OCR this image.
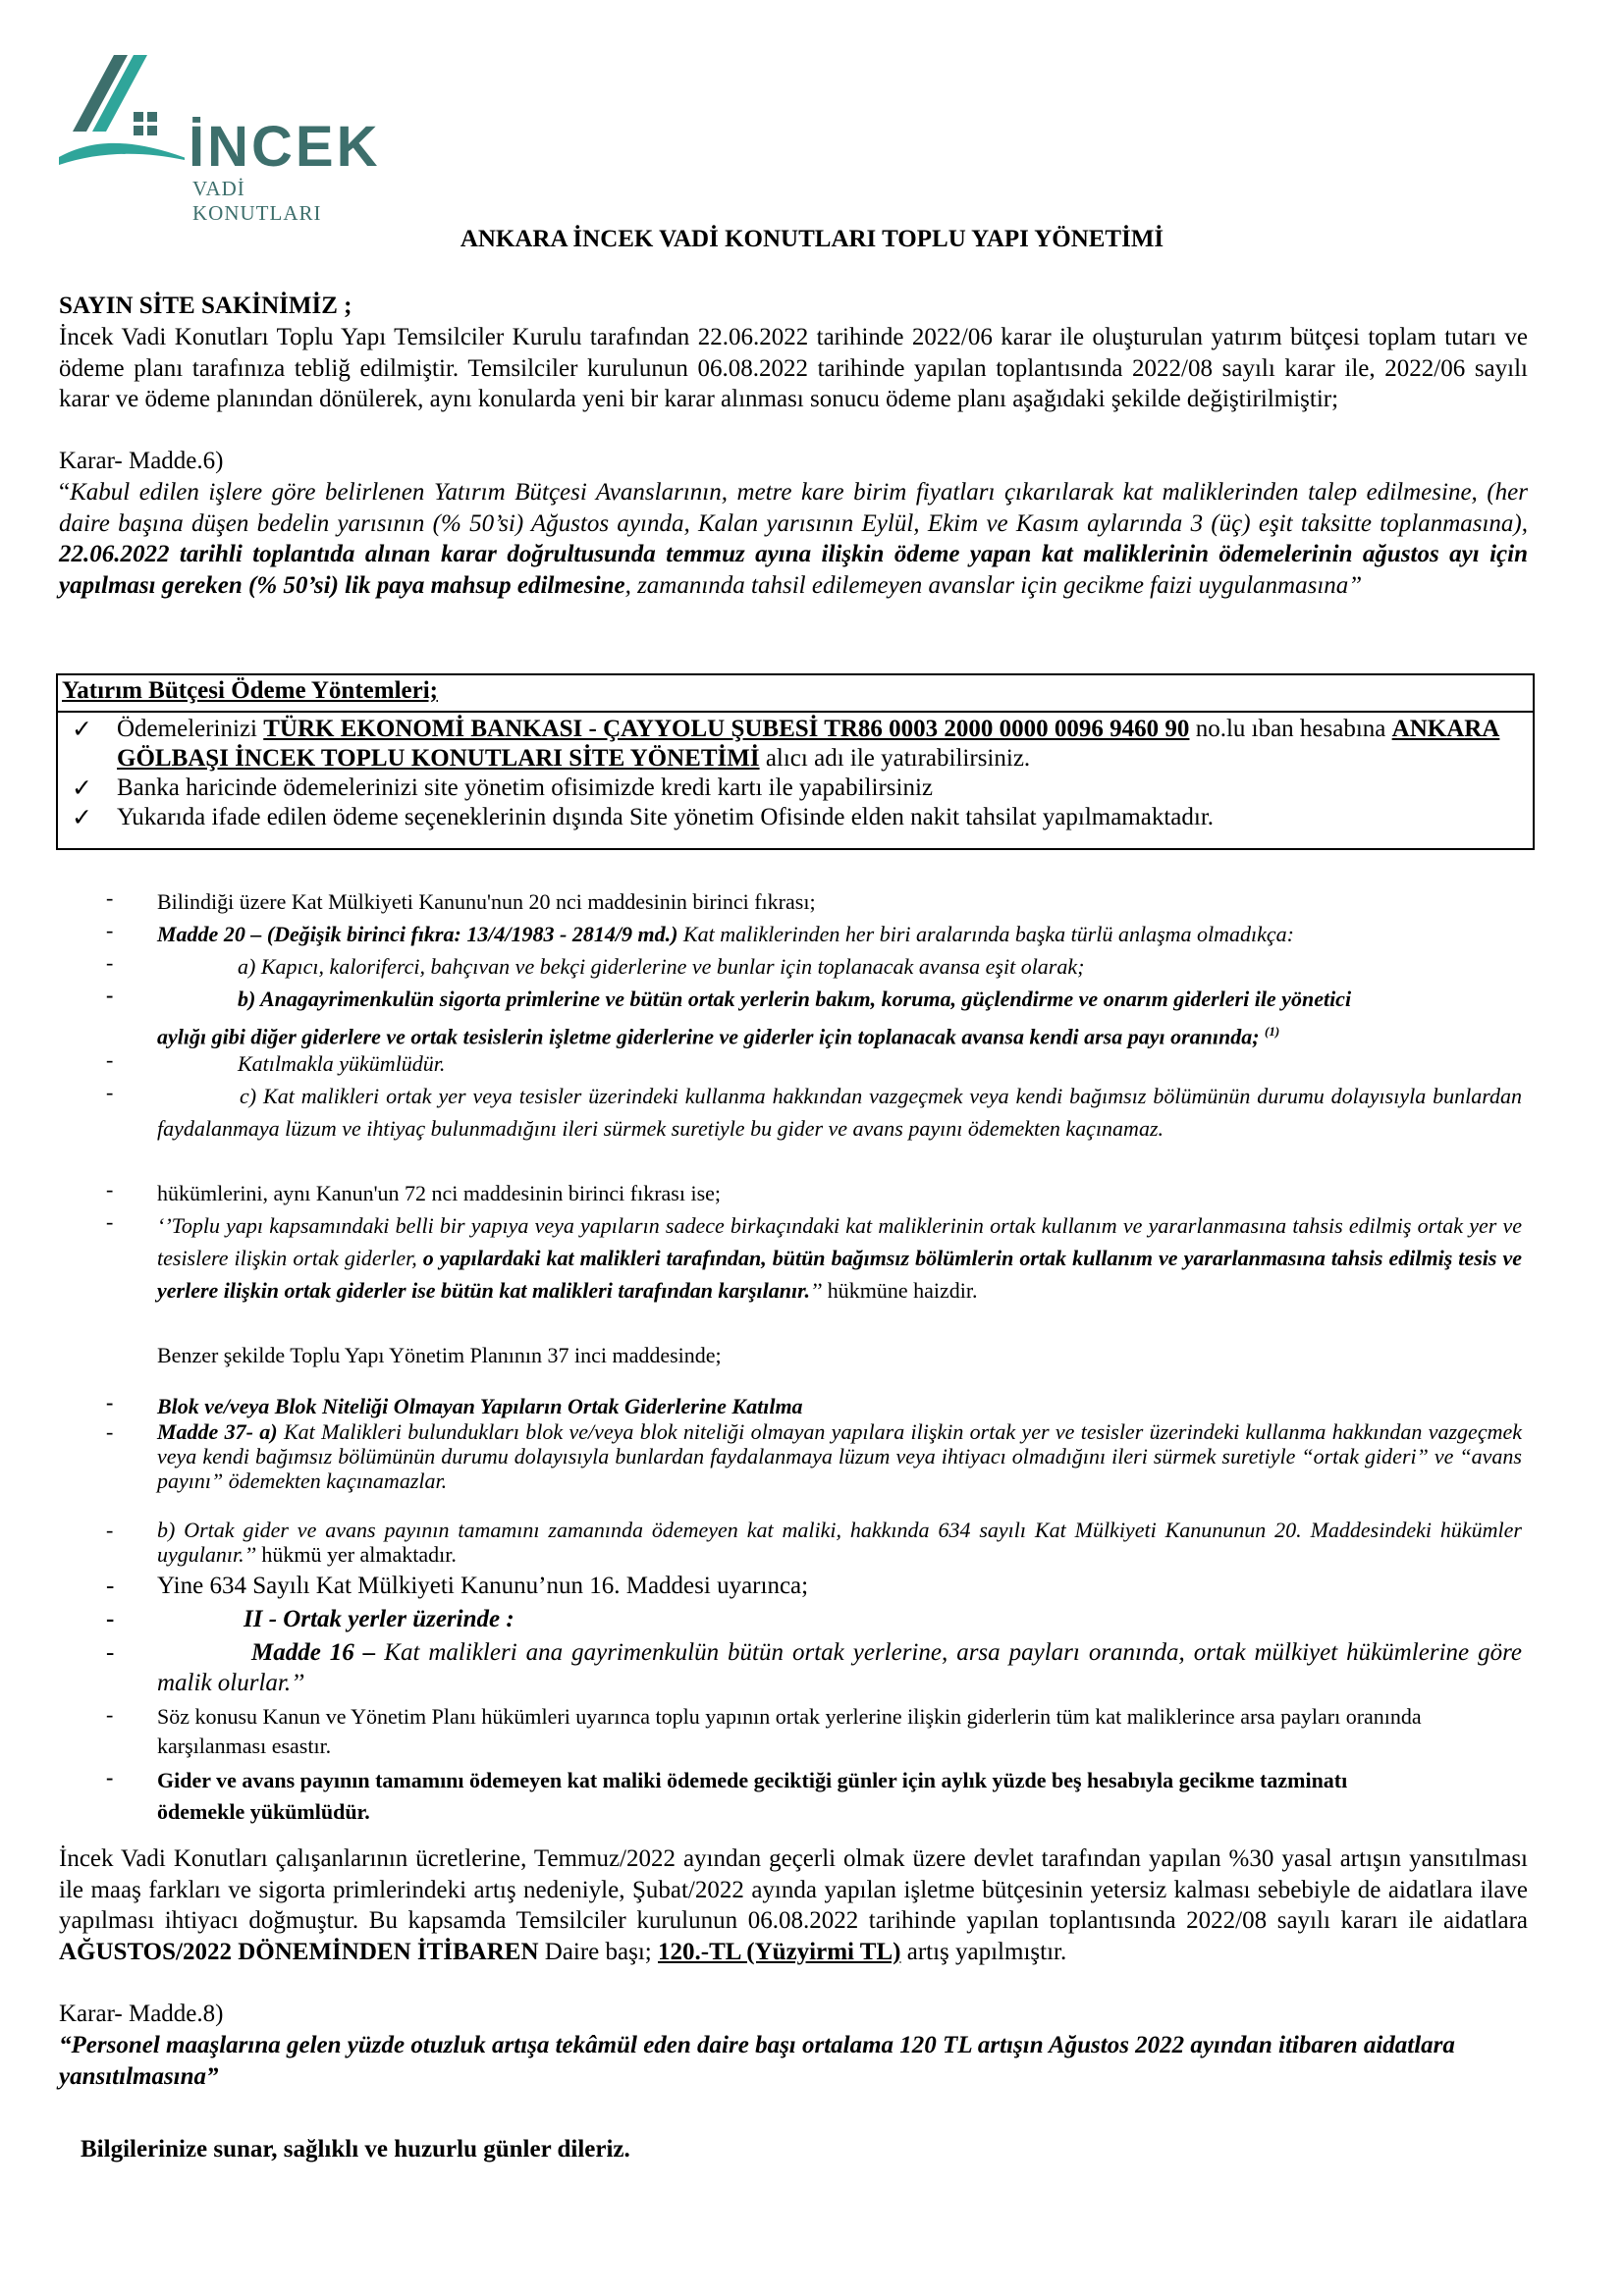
İNCEK
VADİ KONUTLARI
ANKARA İNCEK VADİ KONUTLARI TOPLU YAPI YÖNETİMİ
SAYIN SİTE SAKİNİMİZ ;
İncek Vadi Konutları Toplu Yapı Temsilciler Kurulu tarafından 22.06.2022 tarihinde 2022/06 karar ile oluşturulan yatırım bütçesi toplam tutarı ve ödeme planı tarafınıza tebliğ edilmiştir. Temsilciler kurulunun 06.08.2022 tarihinde yapılan toplantısında 2022/08 sayılı karar ile, 2022/06 sayılı karar ve ödeme planından dönülerek, aynı konularda yeni bir karar alınması sonucu ödeme planı aşağıdaki şekilde değiştirilmiştir;
Karar- Madde.6)
“Kabul edilen işlere göre belirlenen Yatırım Bütçesi Avanslarının, metre kare birim fiyatları çıkarılarak kat maliklerinden talep edilmesine, (her daire başına düşen bedelin yarısının (% 50’si) Ağustos ayında, Kalan yarısının Eylül, Ekim ve Kasım aylarında 3 (üç) eşit taksitte toplanmasına), 22.06.2022 tarihli toplantıda alınan karar doğrultusunda temmuz ayına ilişkin ödeme yapan kat maliklerinin ödemelerinin ağustos ayı için yapılması gereken (% 50’si) lik paya mahsup edilmesine, zamanında tahsil edilemeyen avanslar için gecikme faizi uygulanmasına”
Yatırım Bütçesi Ödeme Yöntemleri;
✓ Ödemelerinizi TÜRK EKONOMİ BANKASI - ÇAYYOLU ŞUBESİ TR86 0003 2000 0000 0096 9460 90 no.lu ıban hesabına ANKARA GÖLBAŞI İNCEK TOPLU KONUTLARI SİTE YÖNETİMİ alıcı adı ile yatırabilirsiniz.
✓ Banka haricinde ödemelerinizi site yönetim ofisimizde kredi kartı ile yapabilirsiniz
✓ Yukarıda ifade edilen ödeme seçeneklerinin dışında Site yönetim Ofisinde elden nakit tahsilat yapılmamaktadır.
- Bilindiği üzere Kat Mülkiyeti Kanunu'nun 20 nci maddesinin birinci fıkrası;
- Madde 20 – (Değişik birinci fıkra: 13/4/1983 - 2814/9 md.) Kat maliklerinden her biri aralarında başka türlü anlaşma olmadıkça:
-	a) Kapıcı, kaloriferci, bahçıvan ve bekçi giderlerine ve bunlar için toplanacak avansa eşit olarak;
-	b) Anagayrimenkulün sigorta primlerine ve bütün ortak yerlerin bakım, koruma, güçlendirme ve onarım giderleri ile yönetici
aylığı gibi diğer giderlere ve ortak tesislerin işletme giderlerine ve giderler için toplanacak avansa kendi arsa payı oranında; $^{(1)}$
-	Katılmakla yükümlüdür.
-	c) Kat malikleri ortak yer veya tesisler üzerindeki kullanma hakkından vazgeçmek veya kendi bağımsız bölümünün durumu dolayısıyla bunlardan faydalanmaya lüzum ve ihtiyaç bulunmadığını ileri sürmek suretiyle bu gider ve avans payını ödemekten kaçınamaz.
- hükümlerini, aynı Kanun'un 72 nci maddesinin birinci fıkrası ise;
- ‘’Toplu yapı kapsamındaki belli bir yapıya veya yapıların sadece birkaçındaki kat maliklerinin ortak kullanım ve yararlanmasına tahsis edilmiş ortak yer ve tesislere ilişkin ortak giderler, o yapılardaki kat malikleri tarafından, bütün bağımsız bölümlerin ortak kullanım ve yararlanmasına tahsis edilmiş tesis ve yerlere ilişkin ortak giderler ise bütün kat malikleri tarafından karşılanır.’’ hükmüne haizdir.
Benzer şekilde Toplu Yapı Yönetim Planının 37 inci maddesinde;
- Blok ve/veya Blok Niteliği Olmayan Yapıların Ortak Giderlerine Katılma
- Madde 37- a) Kat Malikleri bulundukları blok ve/veya blok niteliği olmayan yapılara ilişkin ortak yer ve tesisler üzerindeki kullanma hakkından vazgeçmek veya kendi bağımsız bölümünün durumu dolayısıyla bunlardan faydalanmaya lüzum veya ihtiyacı olmadığını ileri sürmek suretiyle “ortak gideri” ve “avans payını” ödemekten kaçınamazlar.
- b) Ortak gider ve avans payının tamamını zamanında ödemeyen kat maliki, hakkında 634 sayılı Kat Mülkiyeti Kanununun 20. Maddesindeki hükümler uygulanır.’’ hükmü yer almaktadır.
- Yine 634 Sayılı Kat Mülkiyeti Kanunu’nun 16. Maddesi uyarınca;
-	II - Ortak yerler üzerinde :
-	Madde 16 – Kat malikleri ana gayrimenkulün bütün ortak yerlerine, arsa payları oranında, ortak mülkiyet hükümlerine göre malik olurlar.’’
- Söz konusu Kanun ve Yönetim Planı hükümleri uyarınca toplu yapının ortak yerlerine ilişkin giderlerin tüm kat maliklerince arsa payları oranında karşılanması esastır.
- Gider ve avans payının tamamını ödemeyen kat maliki ödemede geciktiği günler için aylık yüzde beş hesabıyla gecikme tazminatı ödemekle yükümlüdür.
İncek Vadi Konutları çalışanlarının ücretlerine, Temmuz/2022 ayından geçerli olmak üzere devlet tarafından yapılan %30 yasal artışın yansıtılması ile maaş farkları ve sigorta primlerindeki artış nedeniyle, Şubat/2022 ayında yapılan işletme bütçesinin yetersiz kalması sebebiyle de aidatlara ilave yapılması ihtiyacı doğmuştur. Bu kapsamda Temsilciler kurulunun 06.08.2022 tarihinde yapılan toplantısında 2022/08 sayılı kararı ile aidatlara AĞUSTOS/2022 DÖNEMİNDEN İTİBAREN Daire başı; 120.-TL (Yüzyirmi TL) artış yapılmıştır.
Karar- Madde.8)
“Personel maaşlarına gelen yüzde otuzluk artışa tekâmül eden daire başı ortalama 120 TL artışın Ağustos 2022 ayından itibaren aidatlara yansıtılmasına”
Bilgilerinize sunar, sağlıklı ve huzurlu günler dileriz.
